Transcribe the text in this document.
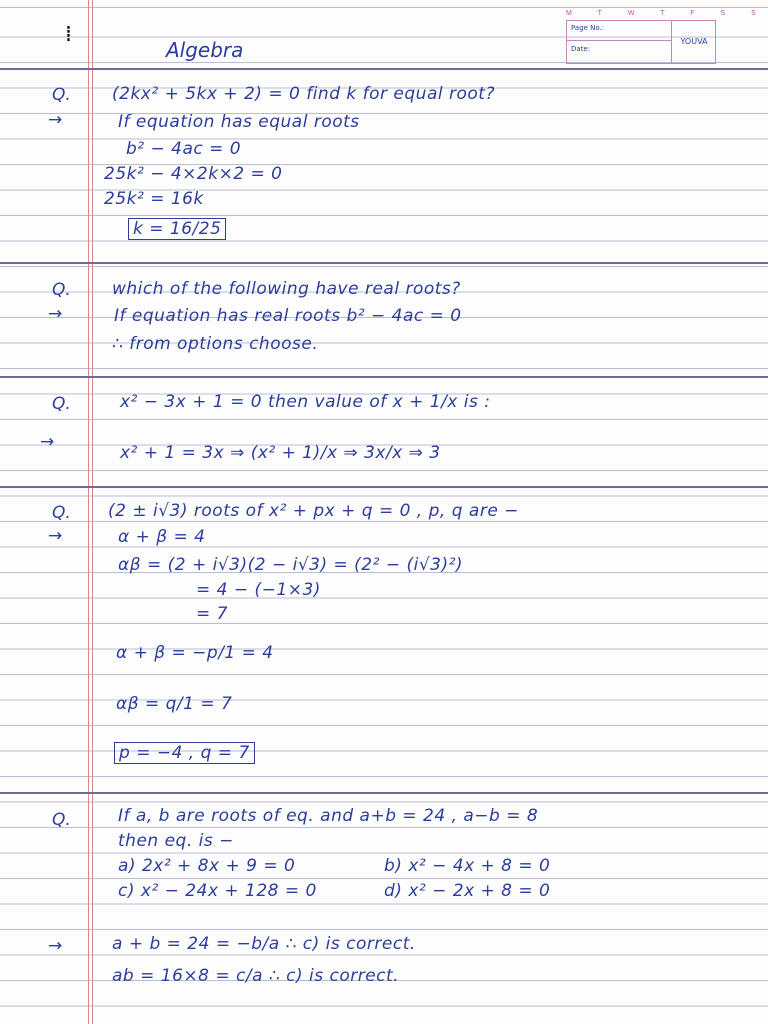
⁞
M T W T F S S
Page No.:
Date:
YOUVA
Algebra
Q. (2kx² + 5kx + 2) = 0 find k for equal root?
→	If equation has equal roots
b² − 4ac = 0
25k² − 4×2k×2 = 0
25k² = 16k
k = 16/25
Q. which of the following have real roots?
→	If equation has real roots b² − 4ac = 0
∴ from options choose.
Q.	x² − 3x + 1 = 0 then value of x + 1/x is :
→
x² + 1 = 3x ⇒ (x² + 1)/x ⇒ 3x/x ⇒ 3
Q. (2 ± i√3) roots of x² + px + q = 0 , p, q are −
→	α + β = 4
αβ = (2 + i√3)(2 − i√3) = (2² − (i√3)²)
= 4 − (−1×3)
= 7
α + β = −p/1 = 4
αβ = q/1 = 7
p = −4 , q = 7
Q.	If a, b are roots of eq. and a+b = 24 , a−b = 8
then eq. is −
a) 2x² + 8x + 9 = 0	b) x² − 4x + 8 = 0
c) x² − 24x + 128 = 0	d) x² − 2x + 8 = 0
→	a + b = 24 = −b/a ∴ c) is correct.
ab = 16×8 = c/a ∴ c) is correct.
